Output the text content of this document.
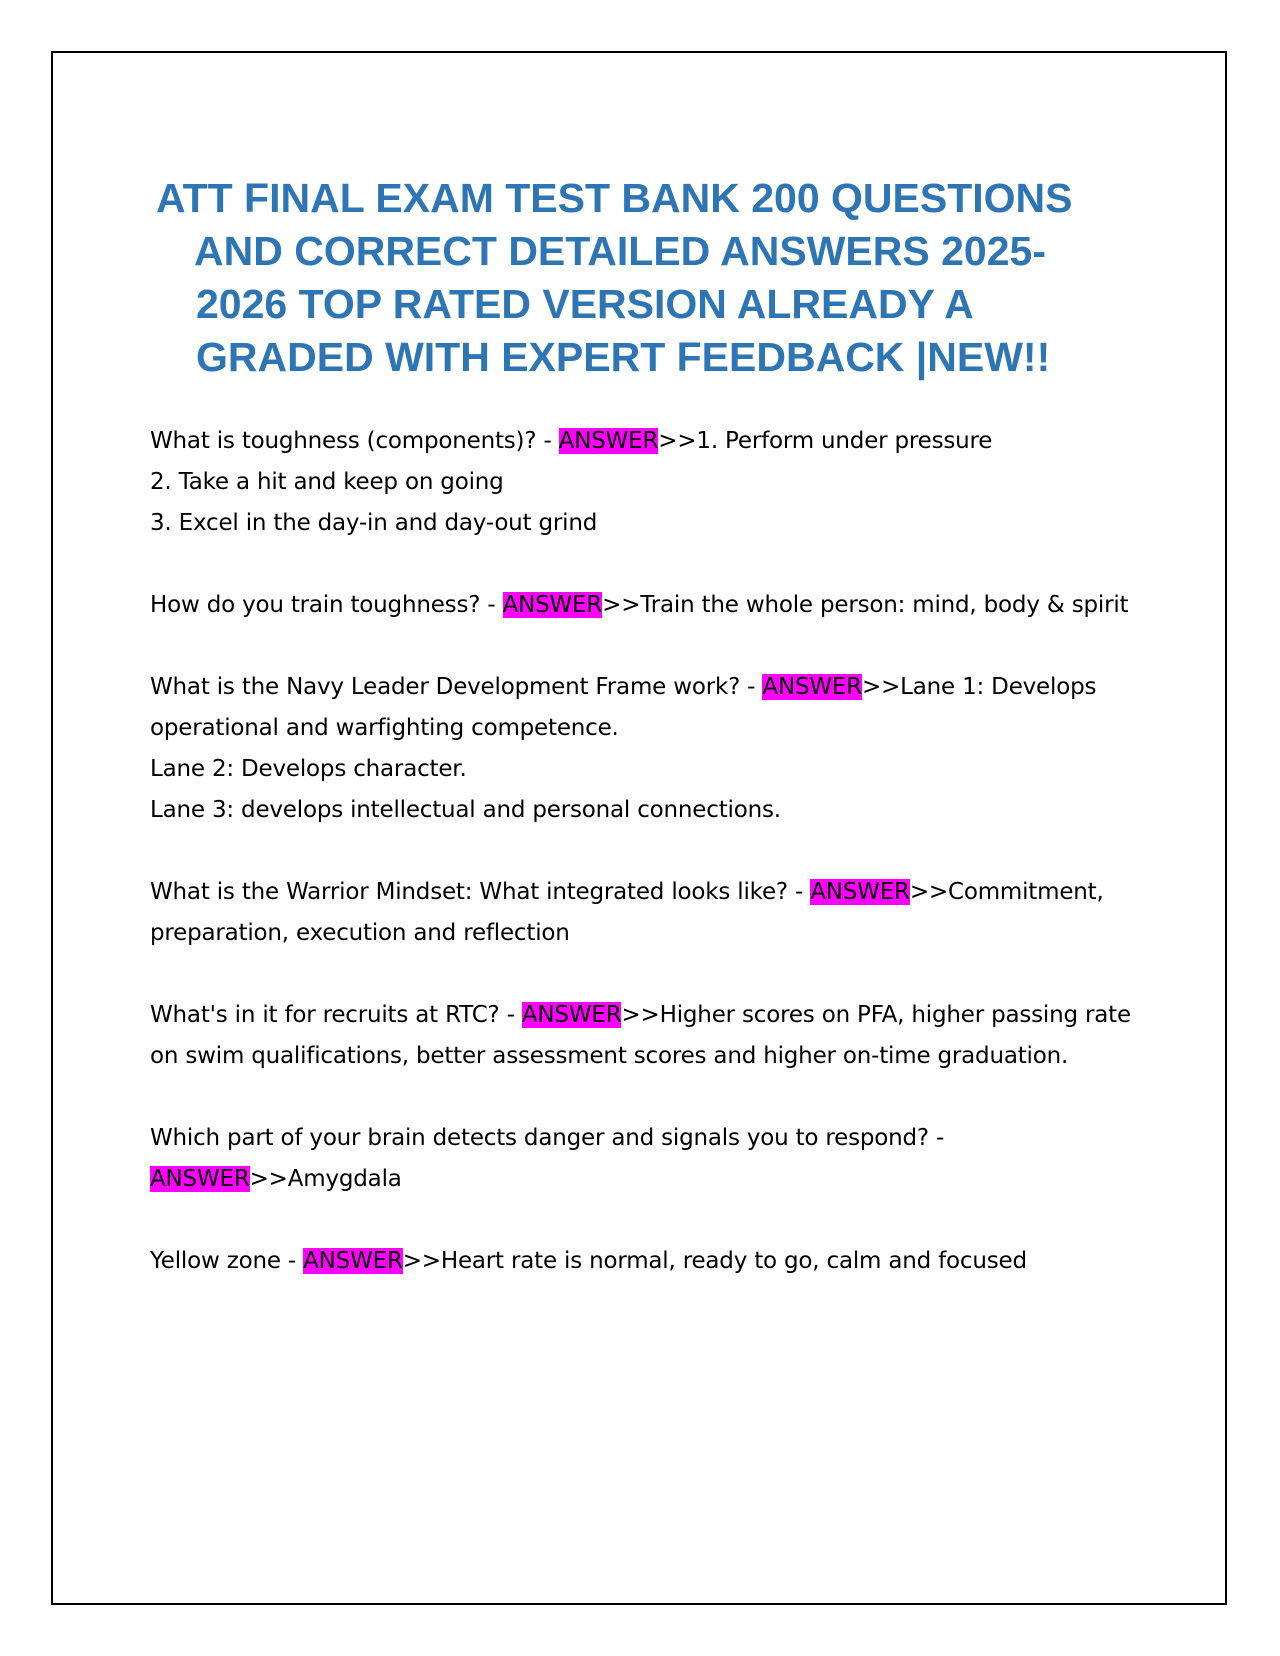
ATT FINAL EXAM TEST BANK 200 QUESTIONS
AND CORRECT DETAILED ANSWERS 2025-
2026 TOP RATED VERSION ALREADY A
GRADED WITH EXPERT FEEDBACK |NEW!!

What is toughness (components)? - ANSWER>>1. Perform under pressure

2. Take a hit and keep on going

3. Excel in the day-in and day-out grind

How do you train toughness? - ANSWER>>Train the whole person: mind, body & spirit

What is the Navy Leader Development Frame work? - ANSWER>>Lane 1: Develops operational and warfighting competence.

Lane 2: Develops character.

Lane 3: develops intellectual and personal connections.

What is the Warrior Mindset: What integrated looks like? - ANSWER>>Commitment, preparation, execution and reflection

What's in it for recruits at RTC? - ANSWER>>Higher scores on PFA, higher passing rate on swim qualifications, better assessment scores and higher on-time graduation.

Which part of your brain detects danger and signals you to respond? - ANSWER>>Amygdala

Yellow zone - ANSWER>>Heart rate is normal, ready to go, calm and focused
